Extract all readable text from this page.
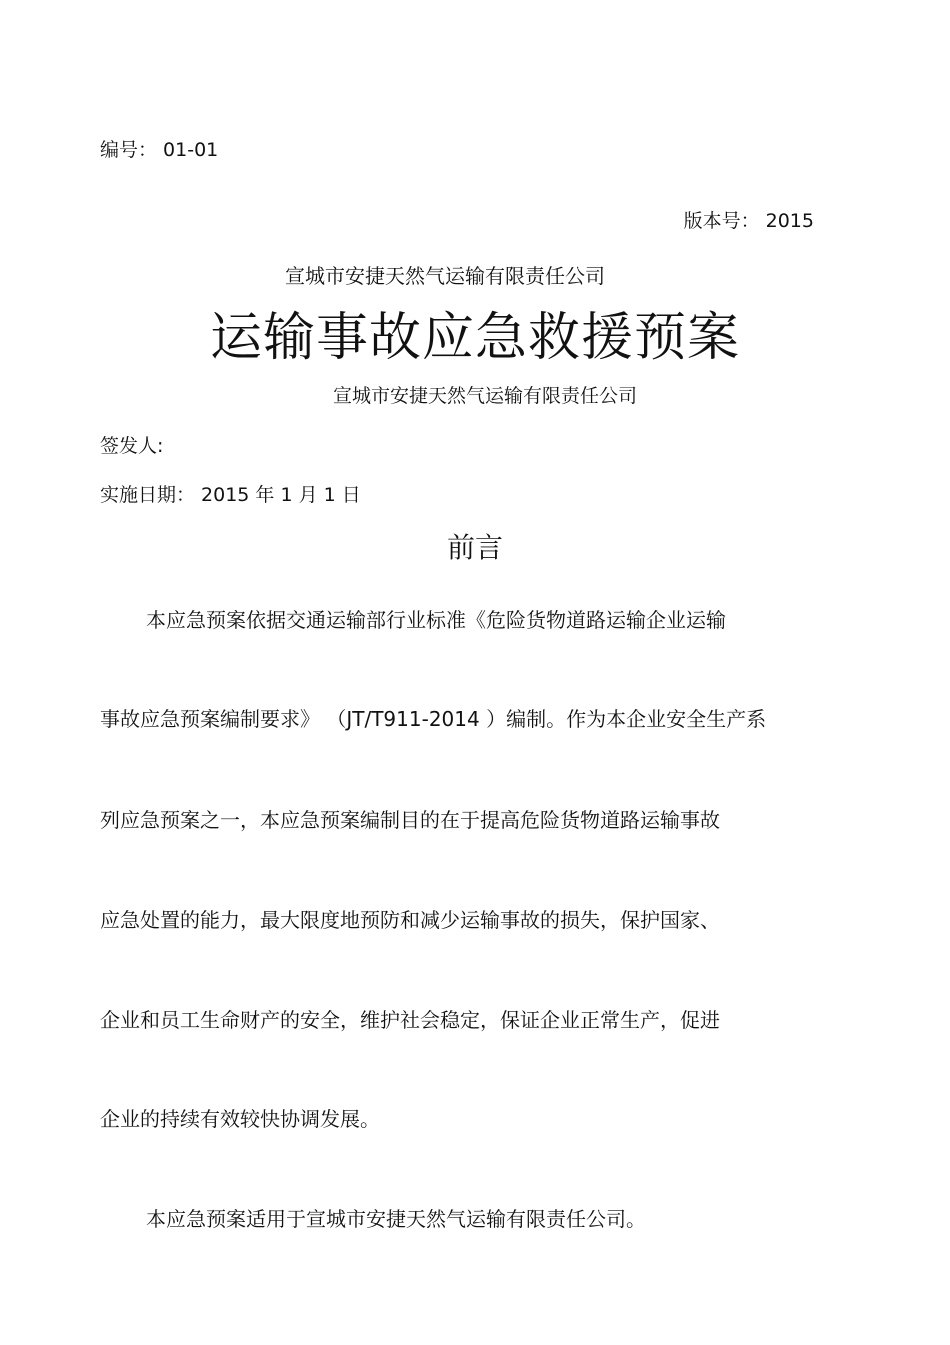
编号： 01-01
版本号： 2015
宣城市安捷天然气运输有限责任公司
运输事故应急救援预案
宣城市安捷天然气运输有限责任公司
签发人:
实施日期： 2015 年 1 月 1 日
前言
本应急预案依据交通运输部行业标准《危险货物道路运输企业运输
事故应急预案编制要求》 （JT/T911-2014 ）编制。作为本企业安全生产系
列应急预案之一，本应急预案编制目的在于提高危险货物道路运输事故
应急处置的能力，最大限度地预防和减少运输事故的损失，保护国家、
企业和员工生命财产的安全，维护社会稳定，保证企业正常生产，促进
企业的持续有效较快协调发展。
本应急预案适用于宣城市安捷天然气运输有限责任公司。
